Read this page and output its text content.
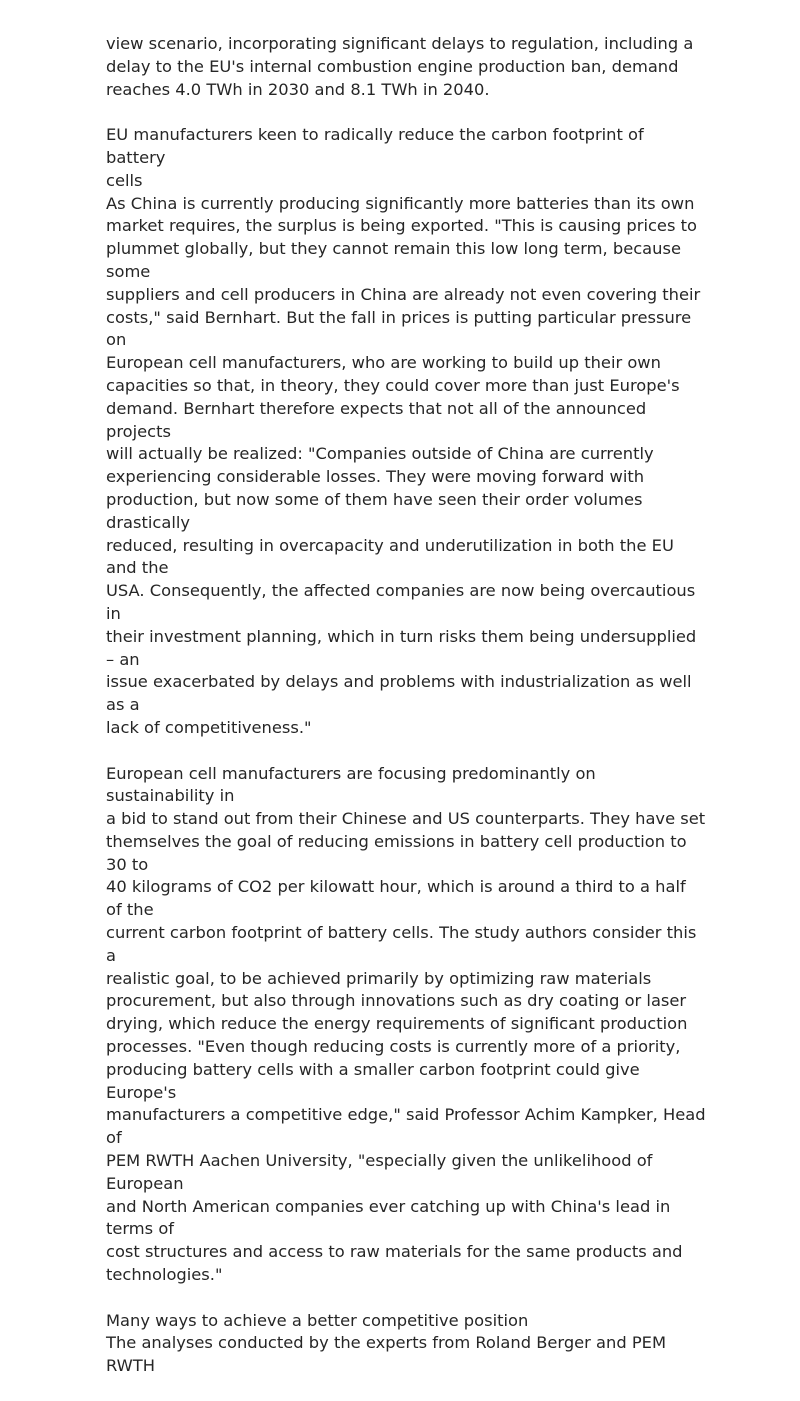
view scenario, incorporating significant delays to regulation, including a
delay to the EU's internal combustion engine production ban, demand
reaches 4.0 TWh in 2030 and 8.1 TWh in 2040.

EU manufacturers keen to radically reduce the carbon footprint of battery
cells

As China is currently producing significantly more batteries than its own
market requires, the surplus is being exported. "This is causing prices to
plummet globally, but they cannot remain this low long term, because some
suppliers and cell producers in China are already not even covering their
costs," said Bernhart. But the fall in prices is putting particular pressure on
European cell manufacturers, who are working to build up their own
capacities so that, in theory, they could cover more than just Europe's
demand. Bernhart therefore expects that not all of the announced projects
will actually be realized: "Companies outside of China are currently
experiencing considerable losses. They were moving forward with
production, but now some of them have seen their order volumes drastically
reduced, resulting in overcapacity and underutilization in both the EU and the
USA. Consequently, the affected companies are now being overcautious in
their investment planning, which in turn risks them being undersupplied – an
issue exacerbated by delays and problems with industrialization as well as a
lack of competitiveness."

European cell manufacturers are focusing predominantly on sustainability in
a bid to stand out from their Chinese and US counterparts. They have set
themselves the goal of reducing emissions in battery cell production to 30 to
40 kilograms of CO2 per kilowatt hour, which is around a third to a half of the
current carbon footprint of battery cells. The study authors consider this a
realistic goal, to be achieved primarily by optimizing raw materials
procurement, but also through innovations such as dry coating or laser
drying, which reduce the energy requirements of significant production
processes. "Even though reducing costs is currently more of a priority,
producing battery cells with a smaller carbon footprint could give Europe's
manufacturers a competitive edge," said Professor Achim Kampker, Head of
PEM RWTH Aachen University, "especially given the unlikelihood of European
and North American companies ever catching up with China's lead in terms of
cost structures and access to raw materials for the same products and
technologies."

Many ways to achieve a better competitive position

The analyses conducted by the experts from Roland Berger and PEM RWTH
